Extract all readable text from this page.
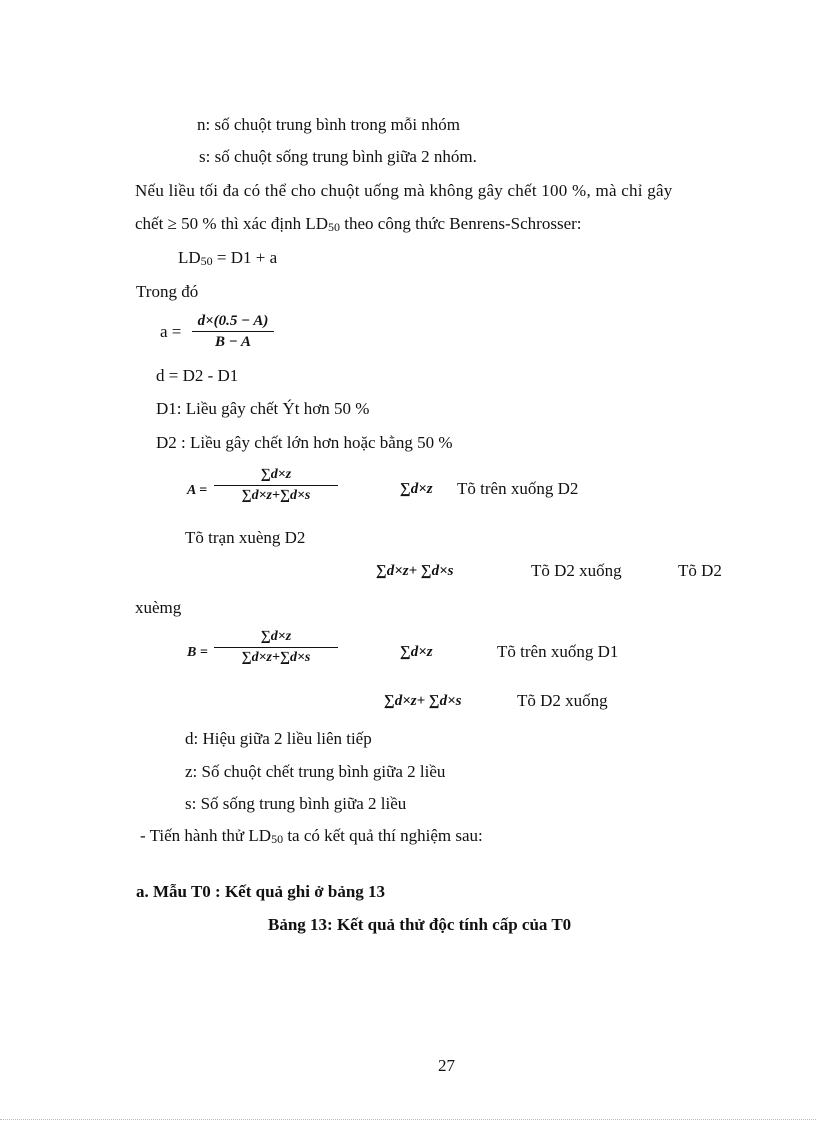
n: số chuột trung bình trong mỗi nhóm
s: số chuột sống trung bình giữa 2 nhóm.
Nếu liều tối đa có thể cho chuột uống mà không gây chết 100 %, mà chỉ gây
chết ≥ 50 % thì xác định LD50 theo công thức Benrens-Schrosser:
LD50 = D1 + a
Trong đó
a =
d×(0.5 − A)
B − A
d = D2 - D1
D1: Liều gây chết Ýt hơn 50 %
D2 : Liều gây chết lớn hơn hoặc bằng 50 %
A =
∑d×z
∑d×z+∑d×s	∑d×z Tõ trên xuống D2
Tõ trạn xuèng D2
∑d×z+ ∑d×s	Tõ D2 xuống	Tõ D2
xuèmg
B =
∑d×z
∑d×z+∑d×s	∑d×z	Tõ trên xuống D1
∑d×z+ ∑d×s	Tõ D2 xuống
d: Hiệu giữa 2 liều liên tiếp
z: Số chuột chết trung bình giữa 2 liều
s: Số sống trung bình giữa 2 liều
- Tiến hành thử LD50 ta có kết quả thí nghiệm sau:
a. Mẫu T0 : Kết quả ghi ở bảng 13
Bảng 13: Kết quả thử độc tính cấp của T0
27
